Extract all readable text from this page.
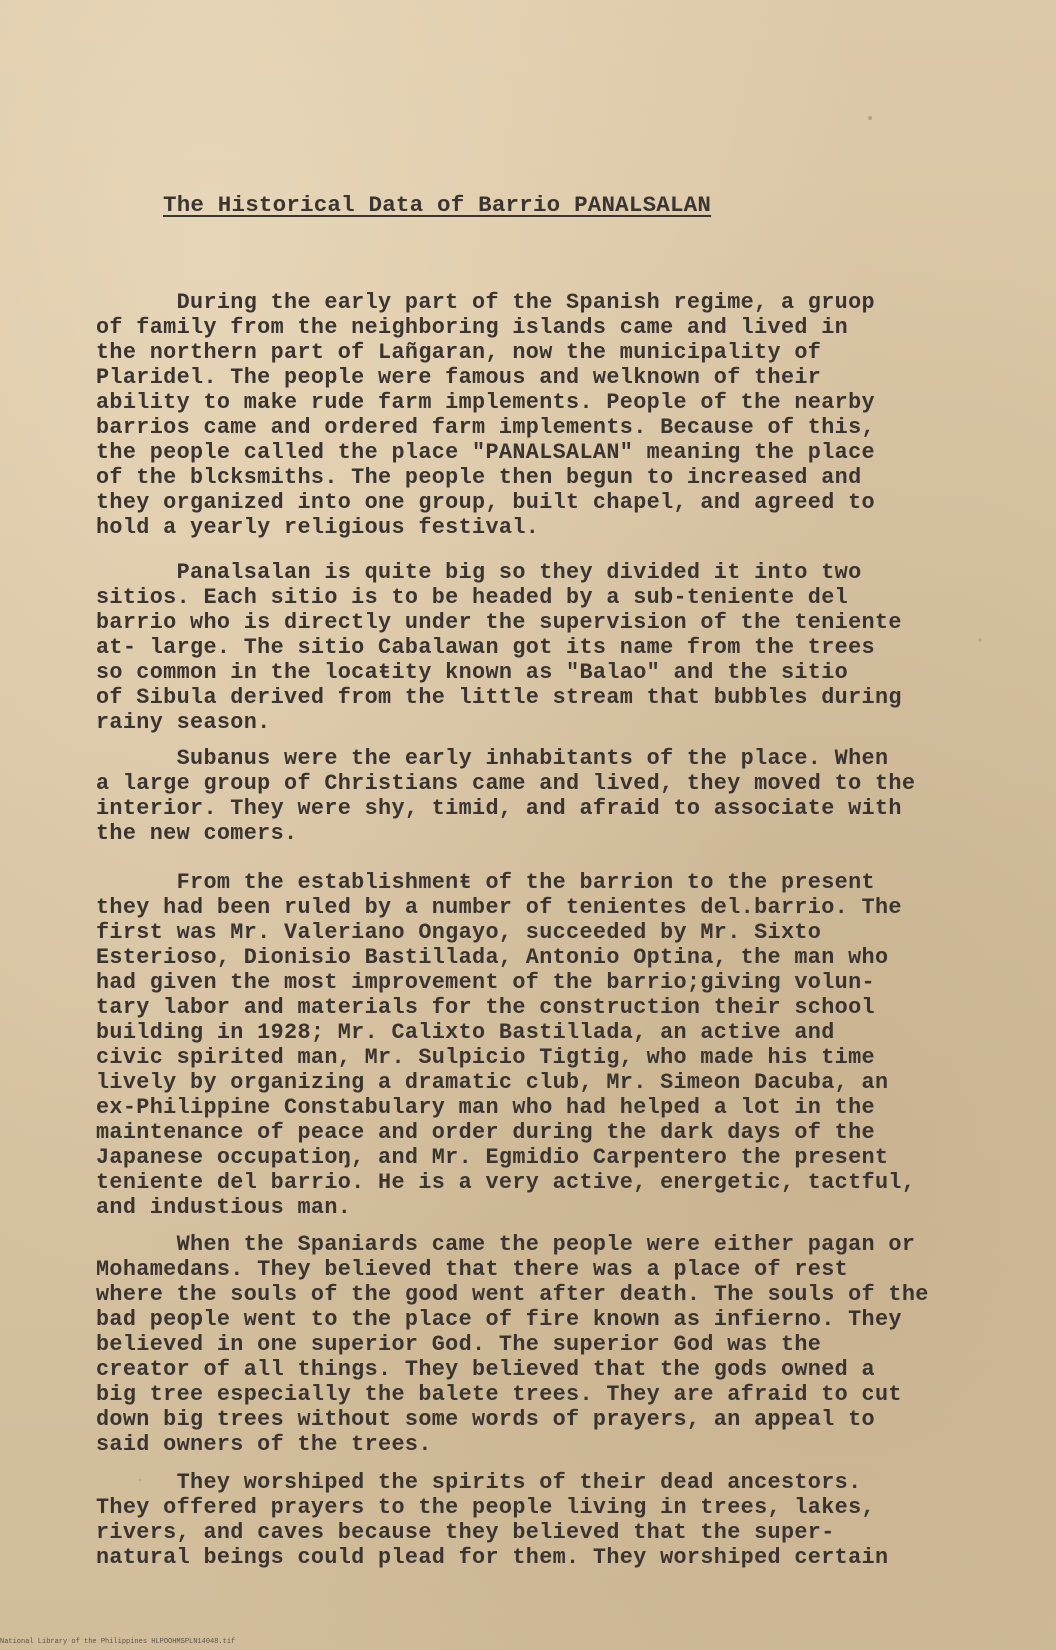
The Historical Data of Barrio PANALSALAN
During the early part of the Spanish regime, a gruop
of family from the neighboring islands came and lived in
the northern part of Lañgaran, now the municipality of
Plaridel. The people were famous and welknown of their
ability to make rude farm implements. People of the nearby
barrios came and ordered farm implements. Because of this,
the people called the place "PANALSALAN" meaning the place
of the blcksmiths. The people then begun to increased and
they organized into one group, built chapel, and agreed to
hold a yearly religious festival.
Panalsalan is quite big so they divided it into two
sitios. Each sitio is to be headed by a sub-teniente del
barrio who is directly under the supervision of the teniente
at- large. The sitio Cabalawan got its name from the trees
so common in the locaŧity known as "Balao" and the sitio
of Sibula derived from the little stream that bubbles during
rainy season.
Subanus were the early inhabitants of the place. When
a large group of Christians came and lived, they moved to the
interior. They were shy, timid, and afraid to associate with
the new comers.
From the establishmenŧ of the barrion to the present
they had been ruled by a number of tenientes del.barrio. The
first was Mr. Valeriano Ongayo, succeeded by Mr. Sixto
Esterioso, Dionisio Bastillada, Antonio Optina, the man who
had given the most improvement of the barrio;giving volun-
tary labor and materials for the construction their school
building in 1928; Mr. Calixto Bastillada, an active and
civic spirited man, Mr. Sulpicio Tigtig, who made his time
lively by organizing a dramatic club, Mr. Simeon Dacuba, an
ex-Philippine Constabulary man who had helped a lot in the
maintenance of peace and order during the dark days of the
Japanese occupatioŋ, and Mr. Egmidio Carpentero the present
teniente del barrio. He is a very active, energetic, tactful,
and industious man.
When the Spaniards came the people were either pagan or
Mohamedans. They believed that there was a place of rest
where the souls of the good went after death. The souls of the
bad people went to the place of fire known as infierno. They
believed in one superior God. The superior God was the
creator of all things. They believed that the gods owned a
big tree especially the balete trees. They are afraid to cut
down big trees without some words of prayers, an appeal to
said owners of the trees.
They worshiped the spirits of their dead ancestors.
They offered prayers to the people living in trees, lakes,
rivers, and caves because they believed that the super-
natural beings could plead for them. They worshiped certain
National Library of the Philippines HLPOOHMSPLN14048.tif
